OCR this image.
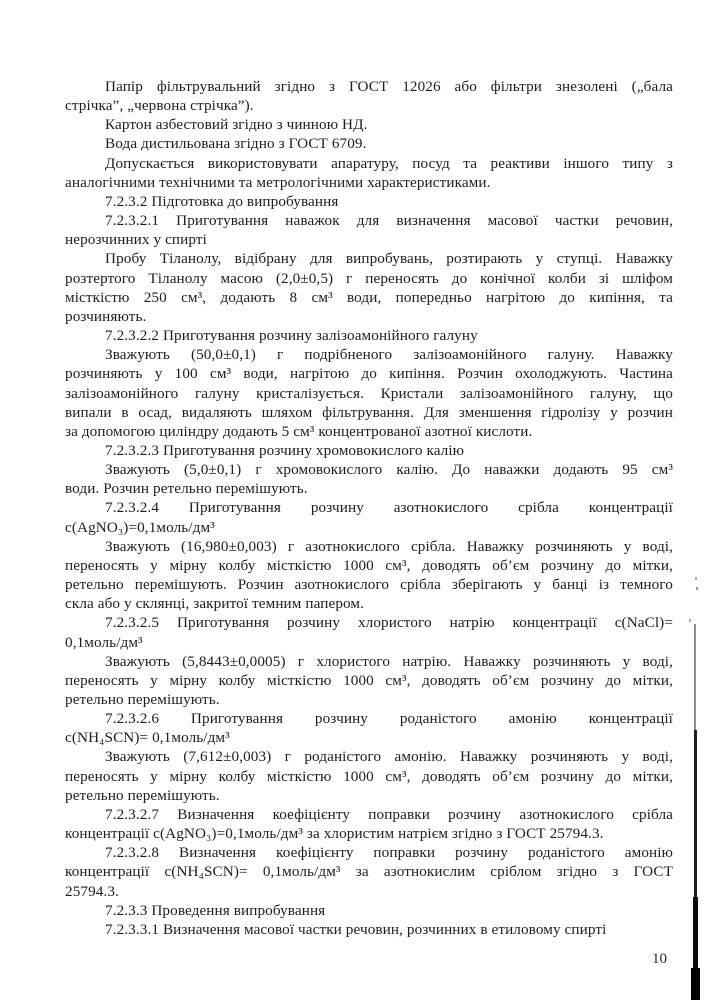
Папір фільтрувальний згідно з ГОСТ 12026 або фільтри знезолені („бала
стрічка”, „червона стрічка”).
Картон азбестовий згідно з чинною НД.
Вода дистильована згідно з ГОСТ 6709.
Допускається використовувати апаратуру, посуд та реактиви іншого типу з
аналогічними технічними та метрологічними характеристиками.
7.2.3.2 Підготовка до випробування
7.2.3.2.1 Приготування наважок для визначення масової частки речовин,
нерозчинних у спирті
Пробу Тіланолу, відібрану для випробувань, розтирають у ступці. Наважку
розтертого Тіланолу масою (2,0±0,5) г переносять до конічної колби зі шліфом
місткістю 250 см³, додають 8 см³ води, попередньо нагрітою до кипіння, та
розчиняють.
7.2.3.2.2 Приготування розчину залізоамонійного галуну
Зважують (50,0±0,1) г подрібненого залізоамонійного галуну. Наважку
розчиняють у 100 см³ води, нагрітою до кипіння. Розчин охолоджують. Частина
залізоамонійного галуну кристалізується. Кристали залізоамонійного галуну, що
випали в осад, видаляють шляхом фільтрування. Для зменшення гідролізу у розчин
за допомогою циліндру додають 5 см³ концентрованої азотної кислоти.
7.2.3.2.3 Приготування розчину хромовокислого калію
Зважують (5,0±0,1) г хромовокислого калію. До наважки додають 95 см³
води. Розчин ретельно перемішують.
7.2.3.2.4 Приготування розчину азотнокислого срібла концентрації
с(AgNO₃)=0,1моль/дм³
Зважують (16,980±0,003) г азотнокислого срібла. Наважку розчиняють у воді,
переносять у мірну колбу місткістю 1000 см³, доводять об’єм розчину до мітки,
ретельно перемішують. Розчин азотнокислого срібла зберігають у банці із темного
скла або у склянці, закритої темним папером.
7.2.3.2.5 Приготування розчину хлористого натрію концентрації с(NaCl)=
0,1моль/дм³
Зважують (5,8443±0,0005) г хлористого натрію. Наважку розчиняють у воді,
переносять у мірну колбу місткістю 1000 см³, доводять об’єм розчину до мітки,
ретельно перемішують.
7.2.3.2.6 Приготування розчину роданістого амонію концентрації
с(NH₄SCN)= 0,1моль/дм³
Зважують (7,612±0,003) г роданістого амонію. Наважку розчиняють у воді,
переносять у мірну колбу місткістю 1000 см³, доводять об’єм розчину до мітки,
ретельно перемішують.
7.2.3.2.7 Визначення коефіцієнту поправки розчину азотнокислого срібла
концентрації с(AgNO₃)=0,1моль/дм³ за хлористим натрієм згідно з ГОСТ 25794.3.
7.2.3.2.8 Визначення коефіцієнту поправки розчину роданістого амонію
концентрації с(NH₄SCN)= 0,1моль/дм³ за азотнокислим сріблом згідно з ГОСТ
25794.3.
7.2.3.3 Проведення випробування
7.2.3.3.1 Визначення масової частки речовин, розчинних в етиловому спирті
10
